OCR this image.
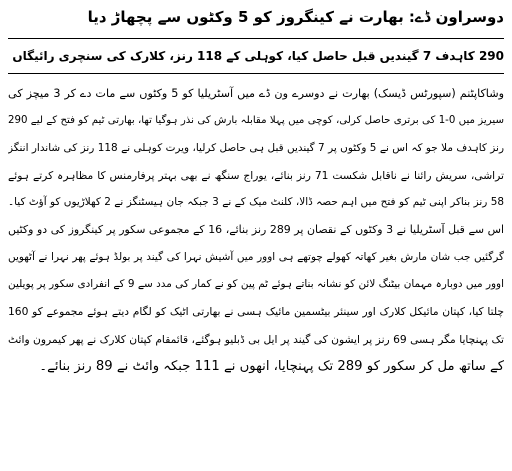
دوسراون ڈے: بھارت نے کینگروز کو 5 وکٹوں سے پچھاڑ دیا
290 کاہدف 7 گیندیں قبل حاصل کیا، کوہلی کے 118 رنز، کلارک کی سنچری رائیگاں
وشاکاپٹنم (سپورٹس ڈیسک) بھارت نے دوسرے ون ڈے میں آسٹریلیا کو 5 وکٹوں سے مات دے کر 3 میچز کی
سیریز میں 0-1 کی برتری حاصل کرلی، کوچی میں پہلا مقابلہ بارش کی نذر ہوگیا تھا، بھارتی ٹیم کو فتح کے لیے 290
رنز کاہدف ملا جو کہ اس نے 5 وکٹوں پر 7 گیندیں قبل ہی حاصل کرلیا، ویرت کوہلی نے 118 رنز کی شاندار اننگز
تراشی، سریش رائنا نے ناقابل شکست 71 رنز بنائے، یوراج سنگھ نے بھی بہتر پرفارمنس کا مظاہرہ کرتے ہوئے
58 رنز بناکر اپنی ٹیم کو فتح میں اہم حصہ ڈالا، کلنٹ میک کے نے 3 جبکہ جان ہیسٹنگز نے 2 کھلاڑیوں کو آؤٹ کیا۔
اس سے قبل آسٹریلیا نے 3 وکٹوں کے نقصان پر 289 رنز بنائے، 16 کے مجموعی سکور پر کینگروز کی دو وکٹیں
گرگئیں جب شان مارش بغیر کھاتہ کھولے چوتھے ہی اوور میں آشیش نہرا کی گیند پر بولڈ ہوئے پھر نہرا نے آٹھویں
اوور میں دوبارہ مہمان بیٹنگ لائن کو نشانہ بناتے ہوئے ٹم پین کو نے کمار کی مدد سے 9 کے انفرادی سکور پر پویلین
چلتا کیا، کپتان مائیکل کلارک اور سینئر بیٹسمین مائیک ہسی نے بھارتی اٹیک کو لگام دیتے ہوئے مجموعے کو 160
تک پہنچایا مگر ہسی 69 رنز پر ایشون کی گیند پر ایل بی ڈبلیو ہوگئے، قائمقام کپتان کلارک نے پھر کیمرون وائٹ
کے ساتھ مل کر سکور کو 289 تک پہنچایا، انھوں نے 111 جبکہ وائٹ نے 89 رنز بنائے۔
